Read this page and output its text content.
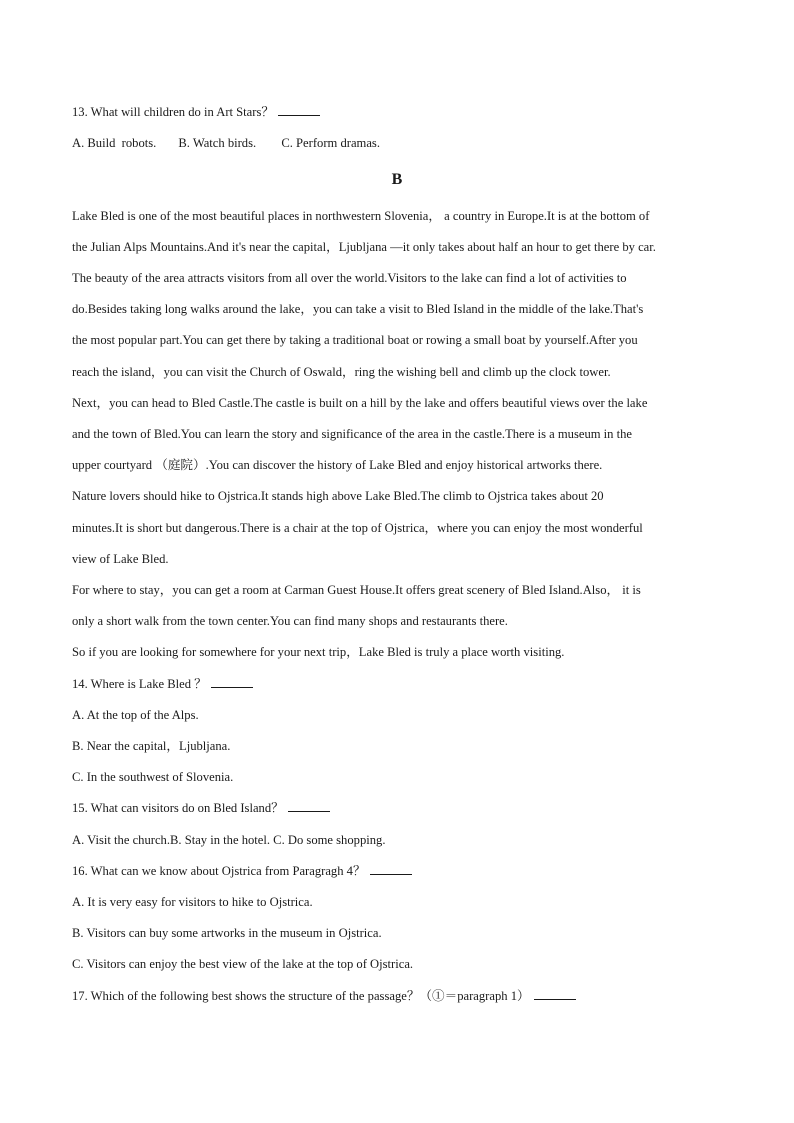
13. What will children do in Art Stars？
A. Build  robots.       B. Watch birds.        C. Perform dramas.
B
Lake Bled is one of the most beautiful places in northwestern Slovenia， a country in Europe.It is at the bottom of
the Julian Alps Mountains.And it's near the capital，Ljubljana —it only takes about half an hour to get there by car.
The beauty of the area attracts visitors from all over the world.Visitors to the lake can find a lot of activities to
do.Besides taking long walks around the lake，you can take a visit to Bled Island in the middle of the lake.That's
the most popular part.You can get there by taking a traditional boat or rowing a small boat by yourself.After you
reach the island，you can visit the Church of Oswald，ring the wishing bell and climb up the clock tower.
Next，you can head to Bled Castle.The castle is built on a hill by the lake and offers beautiful views over the lake
and the town of Bled.You can learn the story and significance of the area in the castle.There is a museum in the
upper courtyard （庭院）.You can discover the history of Lake Bled and enjoy historical artworks there.
Nature lovers should hike to Ojstrica.It stands high above Lake Bled.The climb to Ojstrica takes about 20
minutes.It is short but dangerous.There is a chair at the top of Ojstrica，where you can enjoy the most wonderful
view of Lake Bled.
For where to stay，you can get a room at Carman Guest House.It offers great scenery of Bled Island.Also， it is
only a short walk from the town center.You can find many shops and restaurants there.
So if you are looking for somewhere for your next trip，Lake Bled is truly a place worth visiting.
14. Where is Lake Bled ？
A. At the top of the Alps.
B. Near the capital，Ljubljana.
C. In the southwest of Slovenia.
15. What can visitors do on Bled Island？
A. Visit the church.B. Stay in the hotel. C. Do some shopping.
16. What can we know about Ojstrica from Paragragh 4？
A. It is very easy for visitors to hike to Ojstrica.
B. Visitors can buy some artworks in the museum in Ojstrica.
C. Visitors can enjoy the best view of the lake at the top of Ojstrica.
17. Which of the following best shows the structure of the passage？（①＝paragraph 1）
